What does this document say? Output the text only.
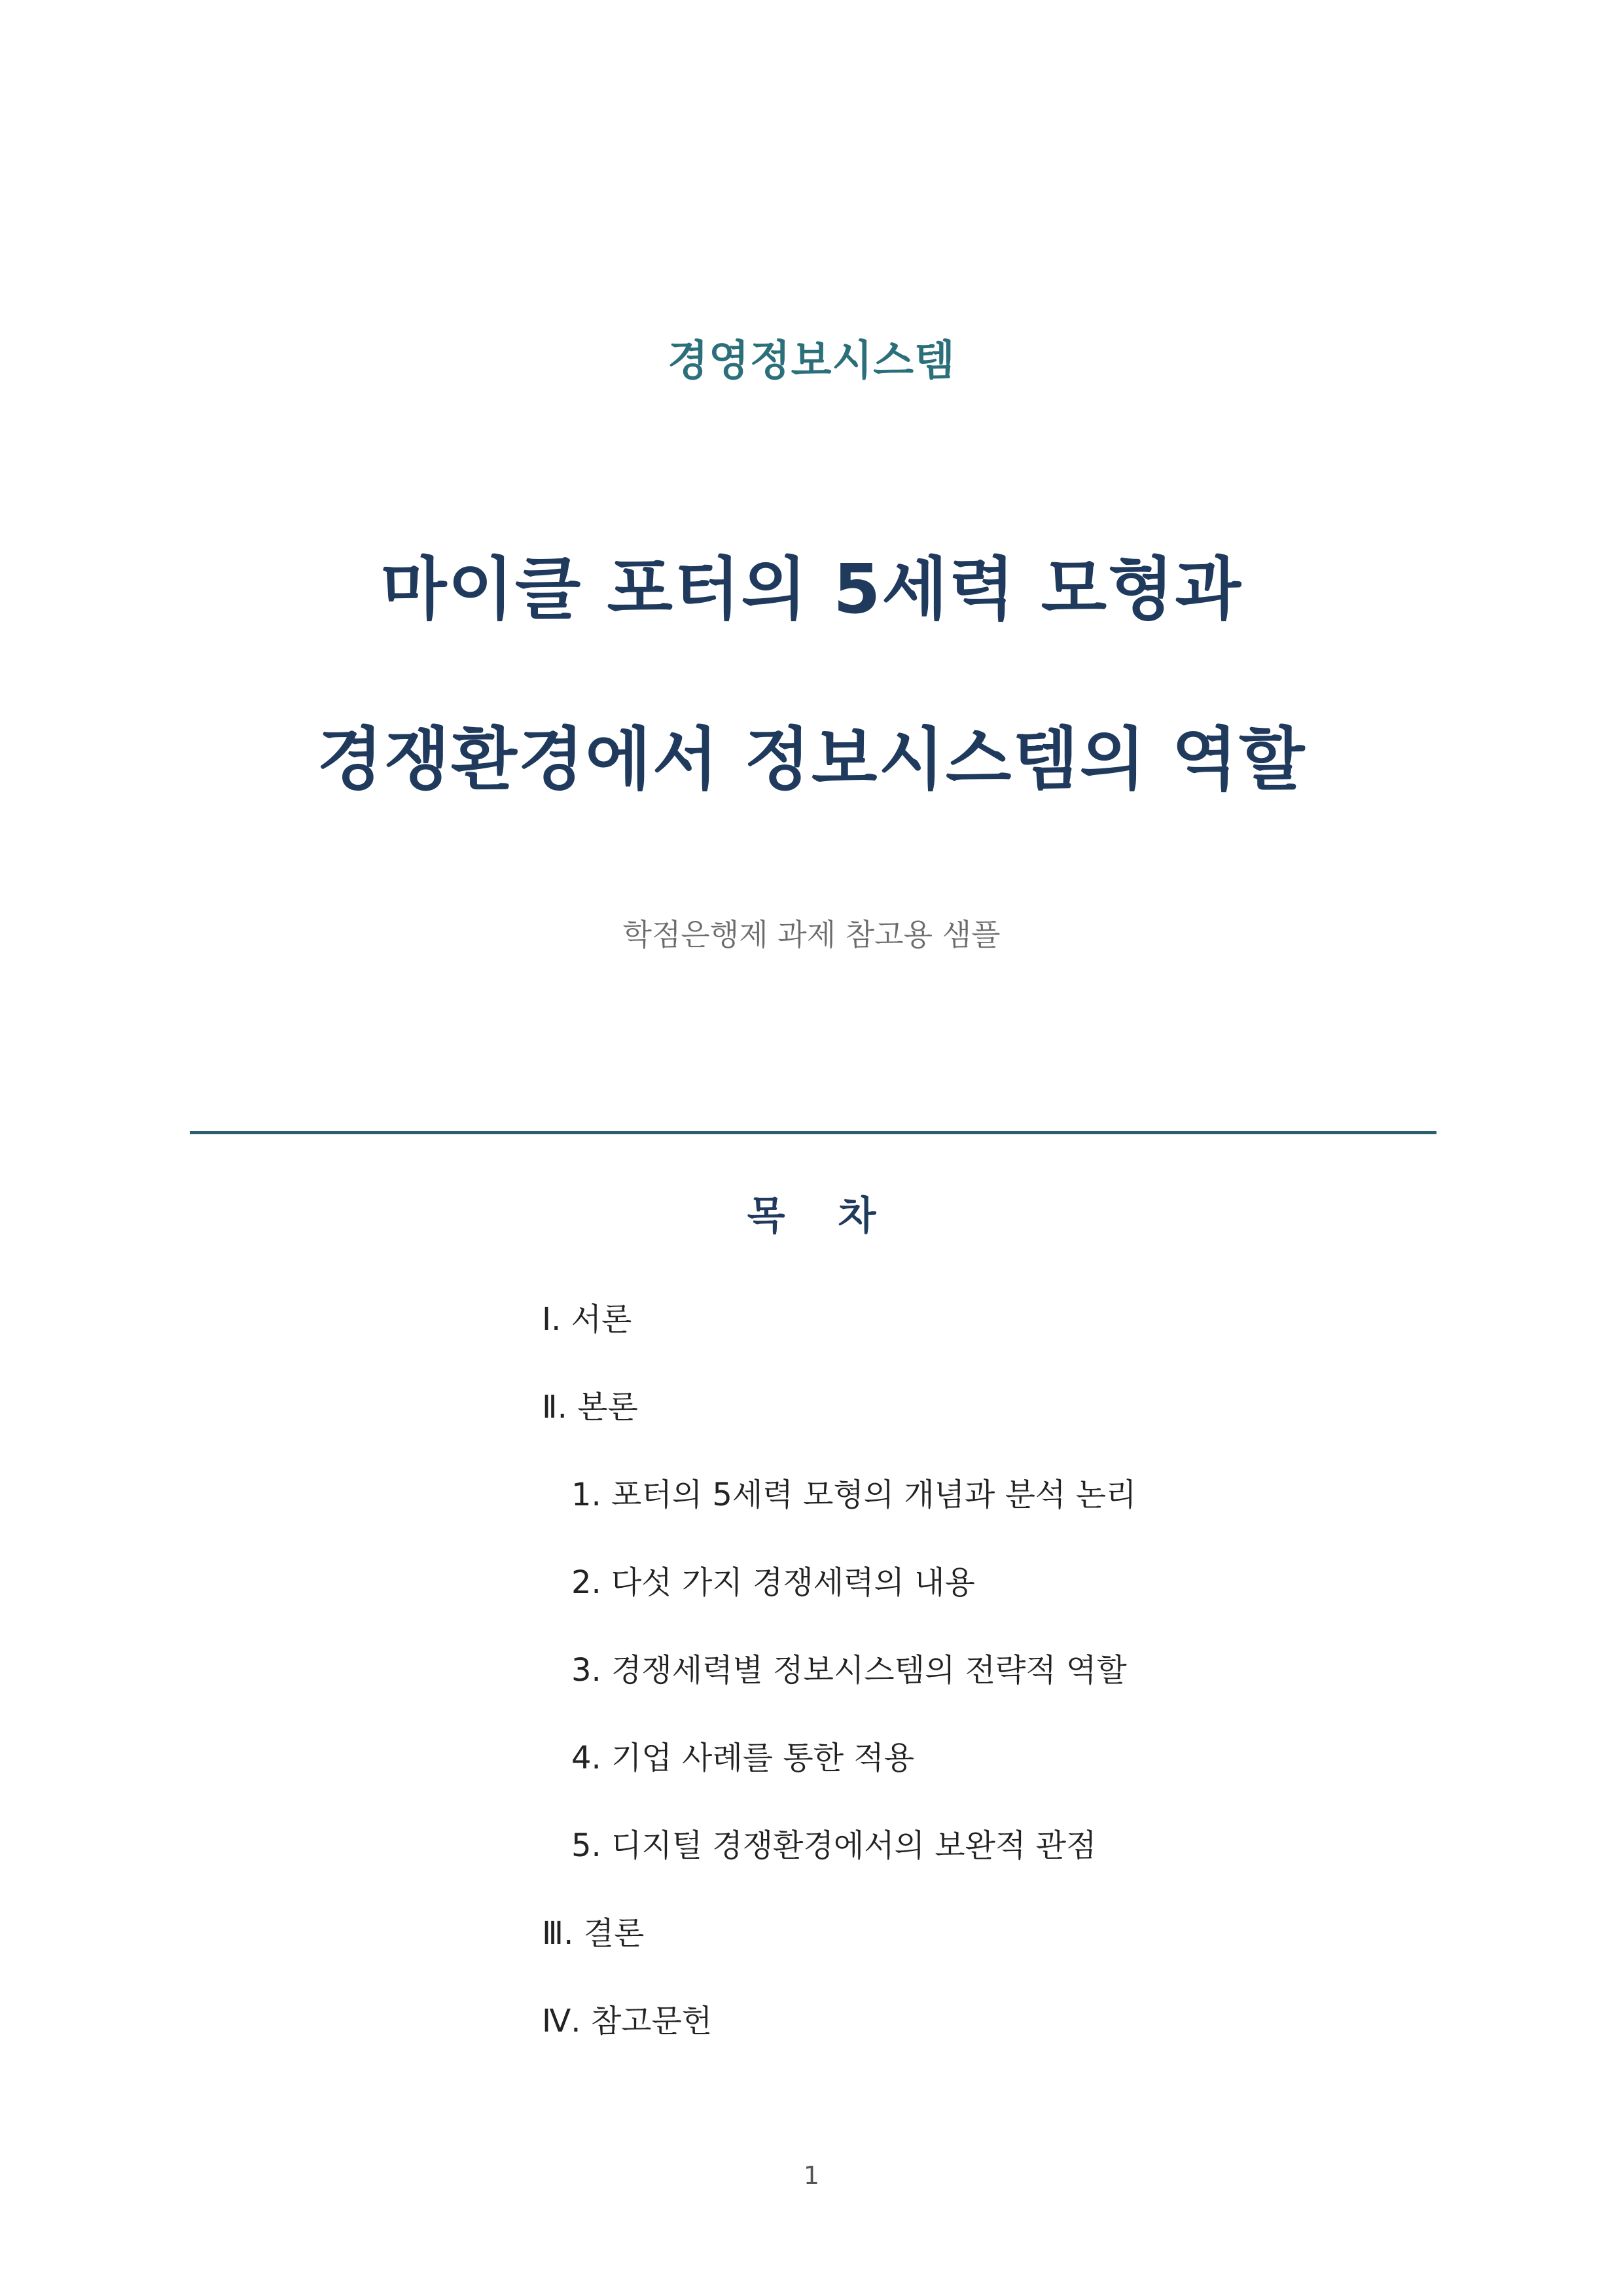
경영정보시스템
마이클 포터의 5세력 모형과
경쟁환경에서 정보시스템의 역할
학점은행제 과제 참고용 샘플
목 차
Ⅰ. 서론
Ⅱ. 본론
1. 포터의 5세력 모형의 개념과 분석 논리
2. 다섯 가지 경쟁세력의 내용
3. 경쟁세력별 정보시스템의 전략적 역할
4. 기업 사례를 통한 적용
5. 디지털 경쟁환경에서의 보완적 관점
Ⅲ. 결론
Ⅳ. 참고문헌
1
